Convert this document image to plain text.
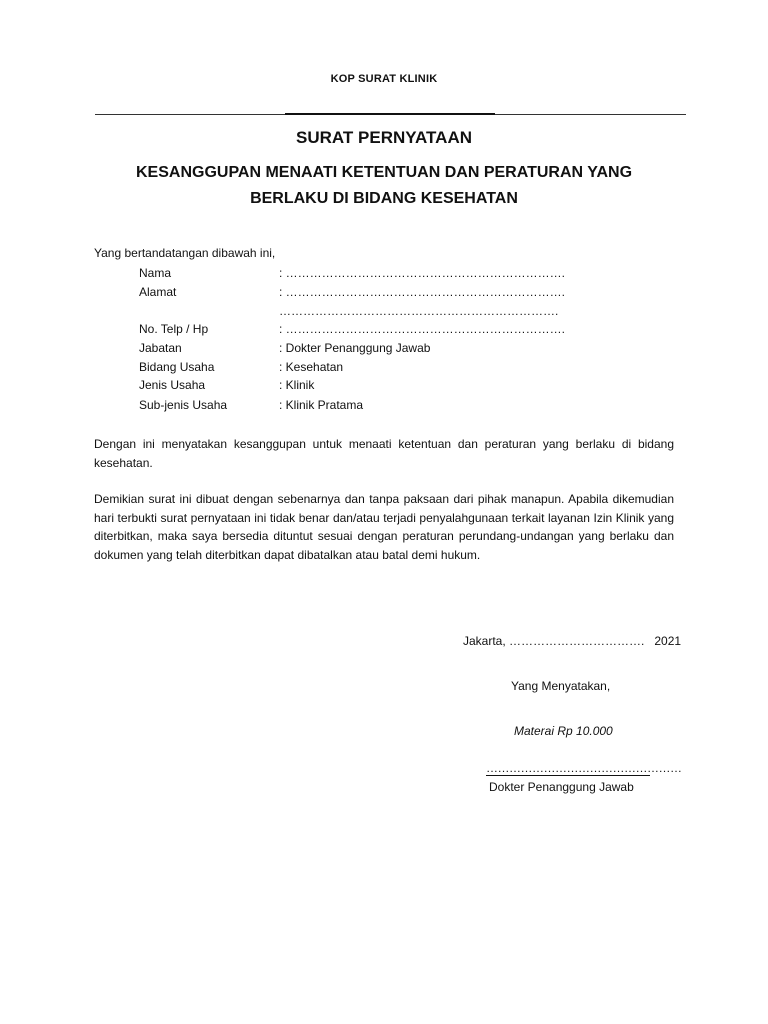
KOP SURAT KLINIK
SURAT PERNYATAAN
KESANGGUPAN MENAATI KETENTUAN DAN PERATURAN YANG BERLAKU DI BIDANG KESEHATAN
Yang bertandatangan dibawah ini,
Nama	: …………………………………………………………….
Alamat	: …………………………………………………………….
…………………………………………………………….
No. Telp / Hp	: …………………………………………………………….
Jabatan	: Dokter Penanggung Jawab
Bidang Usaha	: Kesehatan
Jenis Usaha	: Klinik
Sub-jenis Usaha	: Klinik Pratama
Dengan ini menyatakan kesanggupan untuk menaati ketentuan dan peraturan yang berlaku di bidang kesehatan.
Demikian surat ini dibuat dengan sebenarnya dan tanpa paksaan dari pihak manapun. Apabila dikemudian hari terbukti surat pernyataan ini tidak benar dan/atau terjadi penyalahgunaan terkait layanan Izin Klinik yang diterbitkan, maka saya bersedia dituntut sesuai dengan peraturan perundang-undangan yang berlaku dan dokumen yang telah diterbitkan dapat dibatalkan atau batal demi hukum.
Jakarta, ……………………………. 2021
Yang Menyatakan,
Materai Rp 10.000
……………………………………………
Dokter Penanggung Jawab
